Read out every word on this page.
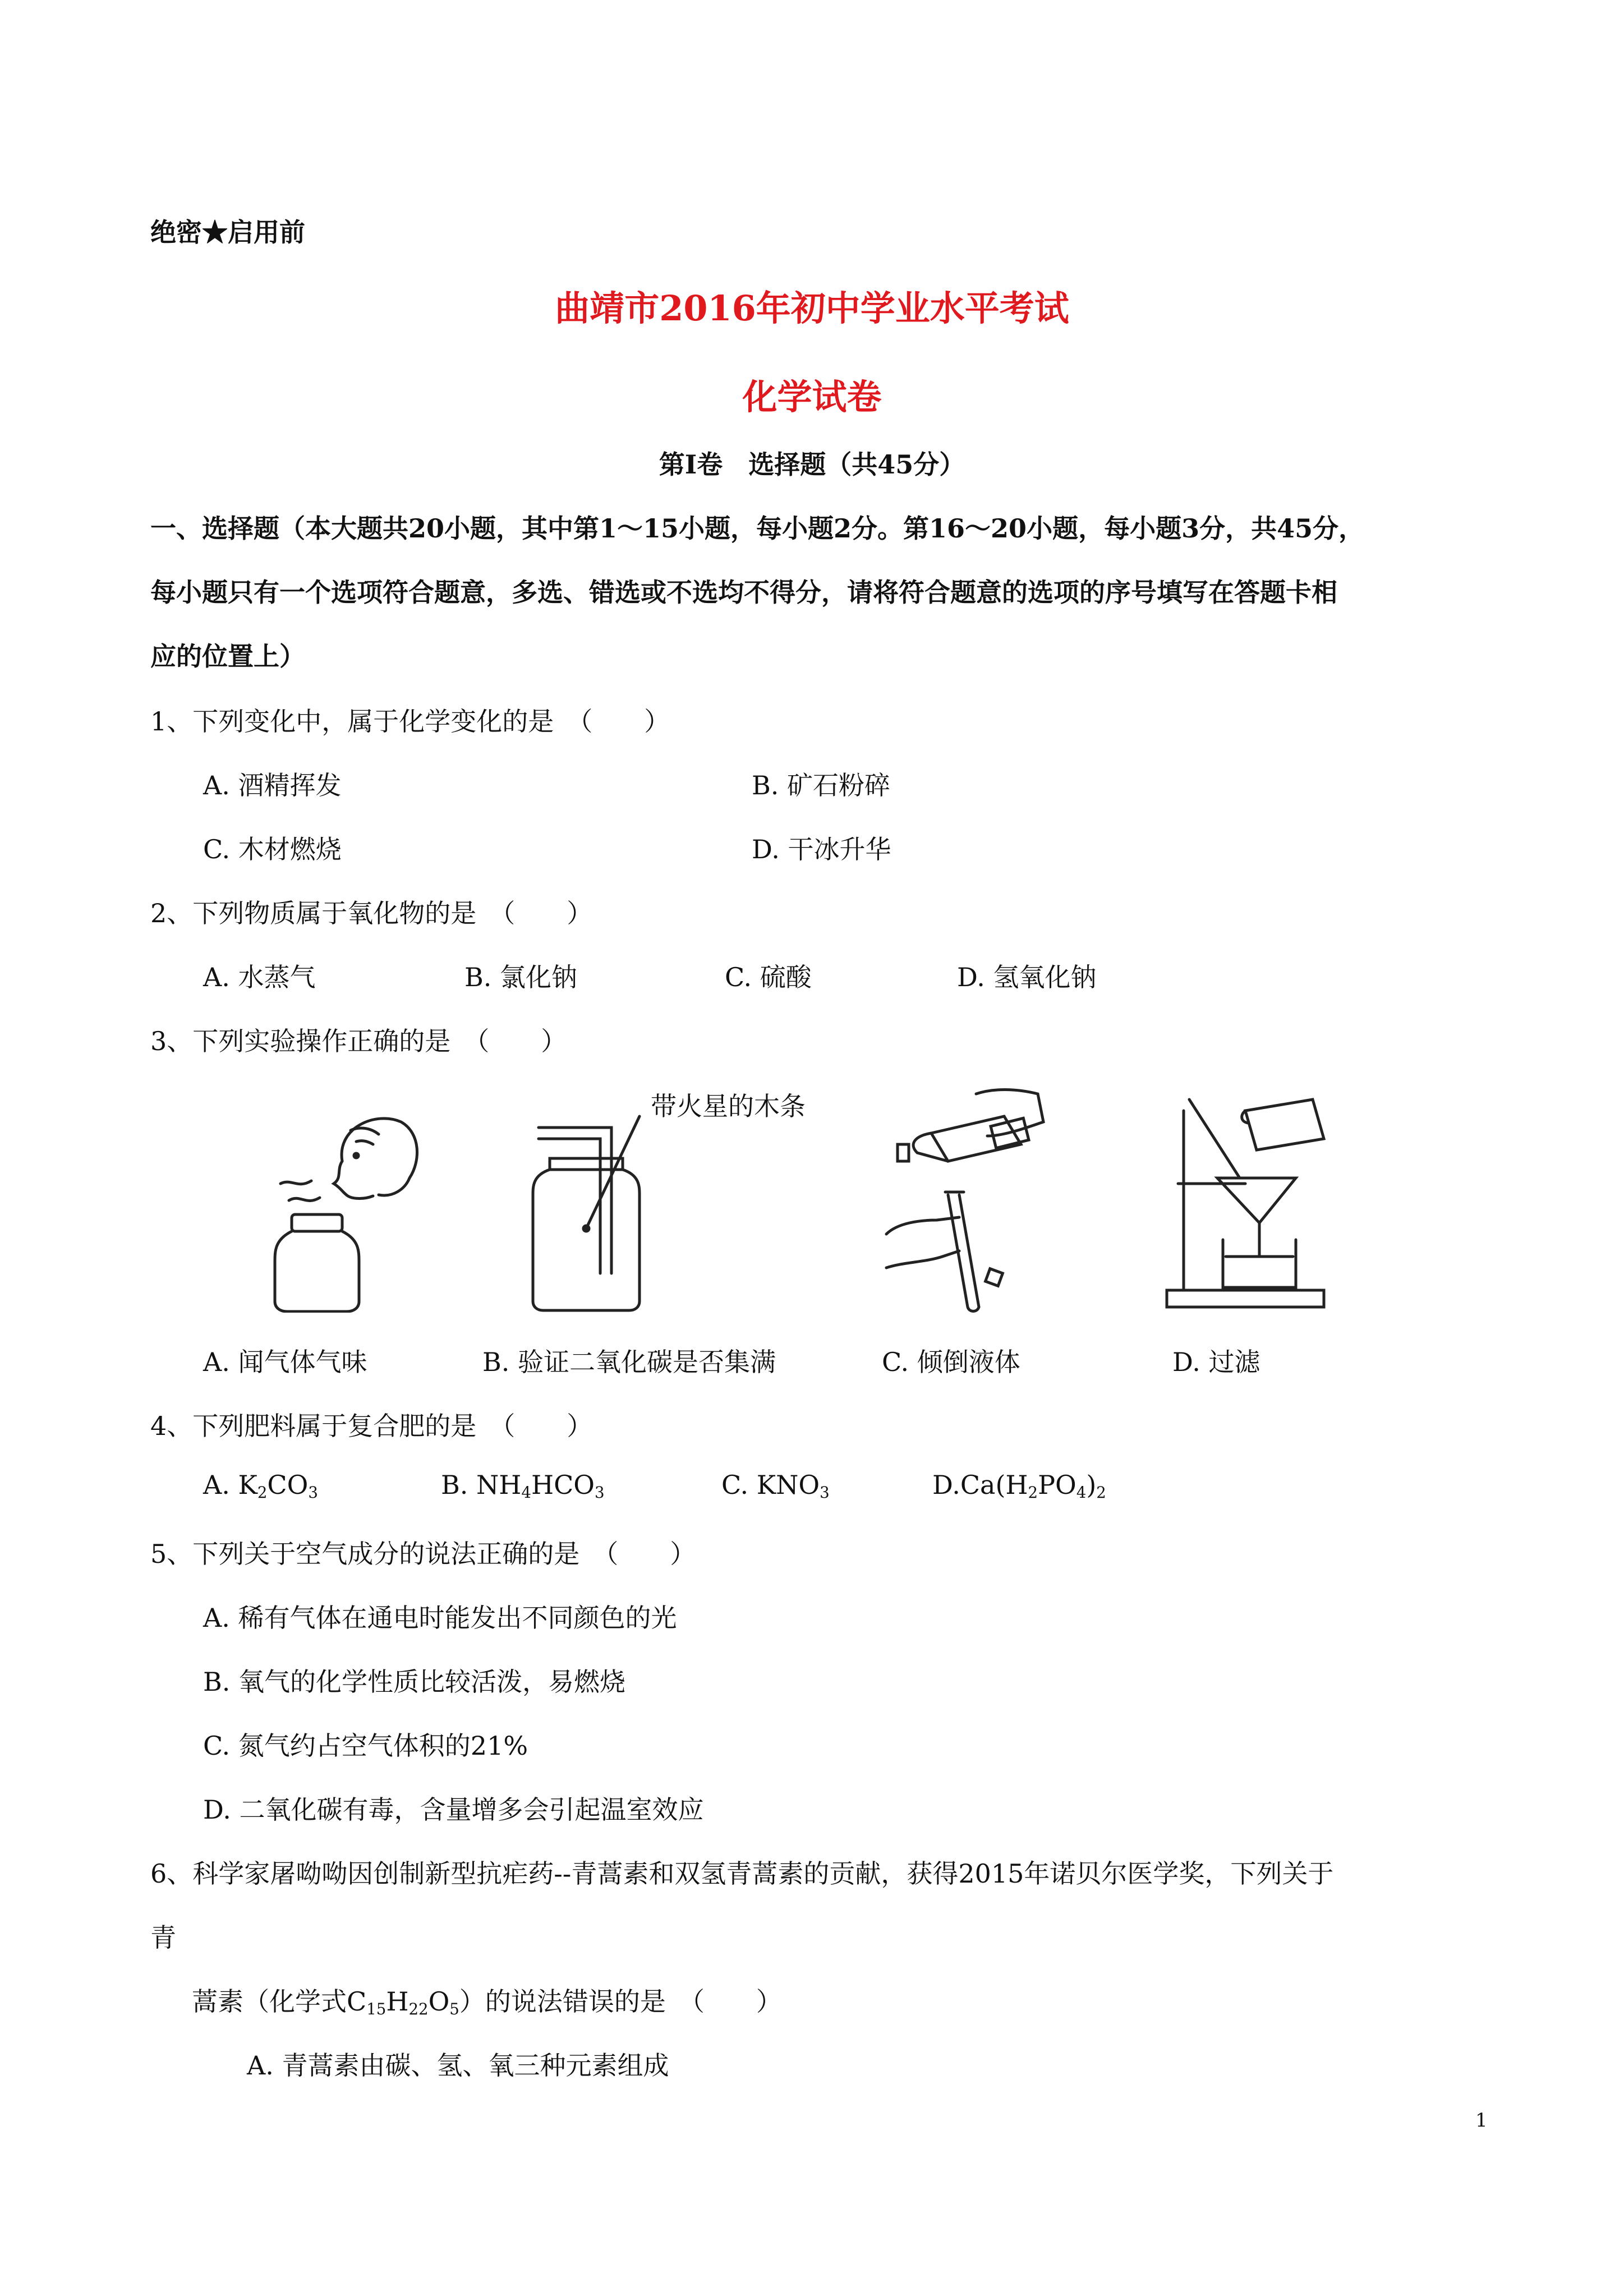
绝密★启用前
曲靖市2016年初中学业水平考试
化学试卷
第Ⅰ卷　选择题（共45分）
一、选择题（本大题共20小题，其中第1～15小题，每小题2分。第16～20小题，每小题3分，共45分，
每小题只有一个选项符合题意，多选、错选或不选均不得分，请将符合题意的选项的序号填写在答题卡相
应的位置上）
1、下列变化中，属于化学变化的是　（　　）
A. 酒精挥发	B. 矿石粉碎
C. 木材燃烧	D. 干冰升华
2、下列物质属于氧化物的是　（　　）
A. 水蒸气	B. 氯化钠	C. 硫酸	D. 氢氧化钠
3、下列实验操作正确的是　（　　）
带火星的木条
A. 闻气体气味	B. 验证二氧化碳是否集满	C. 倾倒液体	D. 过滤
4、下列肥料属于复合肥的是　（　　）
A. $K_2CO_3$	B. $NH_4HCO_3$	C. $KNO_3$	$D.Ca(H_2PO_4)_2$
5、下列关于空气成分的说法正确的是　（　　）
A. 稀有气体在通电时能发出不同颜色的光
B. 氧气的化学性质比较活泼，易燃烧
C. 氮气约占空气体积的21%
D. 二氧化碳有毒，含量增多会引起温室效应
6、科学家屠呦呦因创制新型抗疟药--青蒿素和双氢青蒿素的贡献，获得2015年诺贝尔医学奖，下列关于
青
蒿素（化学式$C_{15}H_{22}O_5$）的说法错误的是　（　　）
A. 青蒿素由碳、氢、氧三种元素组成
1
